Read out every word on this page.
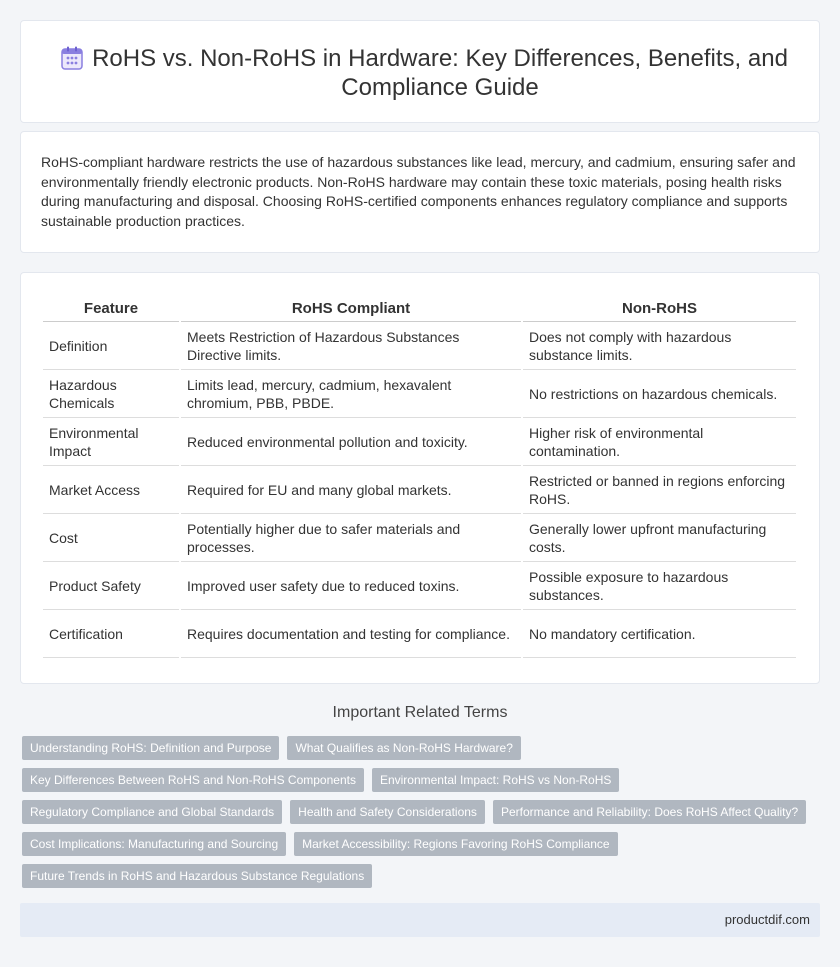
RoHS vs. Non-RoHS in Hardware: Key Differences, Benefits, and Compliance Guide
RoHS-compliant hardware restricts the use of hazardous substances like lead, mercury, and cadmium, ensuring safer and environmentally friendly electronic products. Non-RoHS hardware may contain these toxic materials, posing health risks during manufacturing and disposal. Choosing RoHS-certified components enhances regulatory compliance and supports sustainable production practices.
Feature	RoHS Compliant	Non-RoHS
Definition	Meets Restriction of Hazardous Substances Directive limits.	Does not comply with hazardous substance limits.
Hazardous Chemicals	Limits lead, mercury, cadmium, hexavalent chromium, PBB, PBDE.	No restrictions on hazardous chemicals.
Environmental Impact	Reduced environmental pollution and toxicity.	Higher risk of environmental contamination.
Market Access	Required for EU and many global markets.	Restricted or banned in regions enforcing RoHS.
Cost	Potentially higher due to safer materials and processes.	Generally lower upfront manufacturing costs.
Product Safety	Improved user safety due to reduced toxins.	Possible exposure to hazardous substances.
Certification	Requires documentation and testing for compliance.	No mandatory certification.
Important Related Terms
Understanding RoHS: Definition and Purpose	What Qualifies as Non-RoHS Hardware?
Key Differences Between RoHS and Non-RoHS Components	Environmental Impact: RoHS vs Non-RoHS
Regulatory Compliance and Global Standards	Health and Safety Considerations	Performance and Reliability: Does RoHS Affect Quality?
Cost Implications: Manufacturing and Sourcing	Market Accessibility: Regions Favoring RoHS Compliance
Future Trends in RoHS and Hazardous Substance Regulations
productdif.com
